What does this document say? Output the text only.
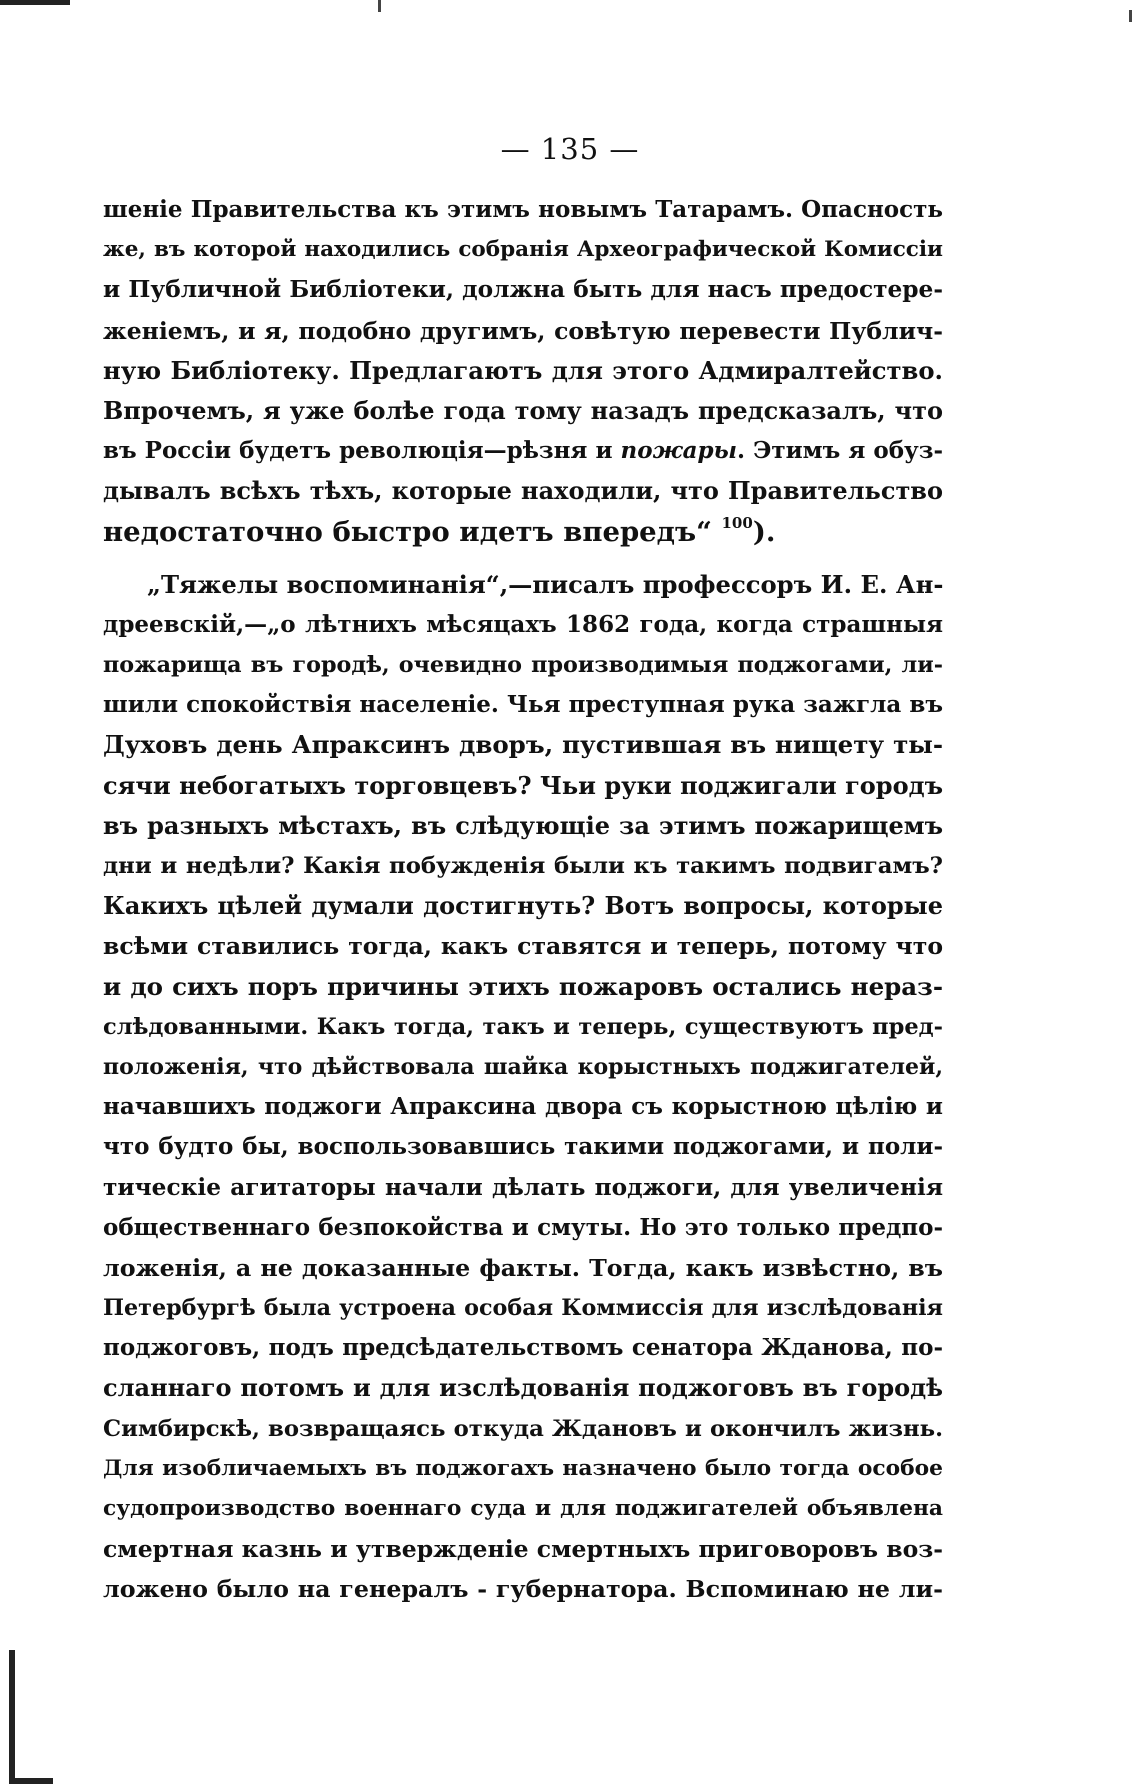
— 135 —
шеніе Правительства къ этимъ новымъ Татарамъ. Опасность
же, въ которой находились собранія Археографической Комиссіи
и Публичной Библіотеки, должна быть для насъ предостере-
женіемъ, и я, подобно другимъ, совѣтую перевести Публич-
ную Библіотеку. Предлагаютъ для этого Адмиралтейство.
Впрочемъ, я уже болѣе года тому назадъ предсказалъ, что
въ Россіи будетъ революція—рѣзня и пожары. Этимъ я обуз-
дывалъ всѣхъ тѣхъ, которые находили, что Правительство
недостаточно быстро идетъ впередъ“ $^{100}$).
„Тяжелы воспоминанія“,—писалъ профессоръ И. Е. Ан-
дреевскій,—„о лѣтнихъ мѣсяцахъ 1862 года, когда страшныя
пожарища въ городѣ, очевидно производимыя поджогами, ли-
шили спокойствія населеніе. Чья преступная рука зажгла въ
Духовъ день Апраксинъ дворъ, пустившая въ нищету ты-
сячи небогатыхъ торговцевъ? Чьи руки поджигали городъ
въ разныхъ мѣстахъ, въ слѣдующіе за этимъ пожарищемъ
дни и недѣли? Какія побужденія были къ такимъ подвигамъ?
Какихъ цѣлей думали достигнуть? Вотъ вопросы, которые
всѣми ставились тогда, какъ ставятся и теперь, потому что
и до сихъ поръ причины этихъ пожаровъ остались нераз-
слѣдованными. Какъ тогда, такъ и теперь, существуютъ пред-
положенія, что дѣйствовала шайка корыстныхъ поджигателей,
начавшихъ поджоги Апраксина двора съ корыстною цѣлію и
что будто бы, воспользовавшись такими поджогами, и поли-
тическіе агитаторы начали дѣлать поджоги, для увеличенія
общественнаго безпокойства и смуты. Но это только предпо-
ложенія, а не доказанные факты. Тогда, какъ извѣстно, въ
Петербургѣ была устроена особая Коммиссія для изслѣдованія
поджоговъ, подъ предсѣдательствомъ сенатора Жданова, по-
сланнаго потомъ и для изслѣдованія поджоговъ въ городѣ
Симбирскѣ, возвращаясь откуда Ждановъ и окончилъ жизнь.
Для изобличаемыхъ въ поджогахъ назначено было тогда особое
судопроизводство военнаго суда и для поджигателей объявлена
смертная казнь и утвержденіе смертныхъ приговоровъ воз-
ложено было на генералъ - губернатора. Вспоминаю не ли-
